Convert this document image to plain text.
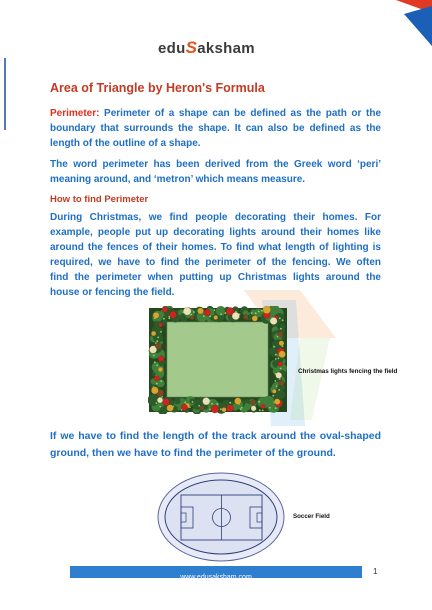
eduSaksham
Area of Triangle by Heron's Formula
Perimeter: Perimeter of a shape can be defined as the path or the
boundary that surrounds the shape. It can also be defined as the
length of the outline of a shape.
The word perimeter has been derived from the Greek word ‘peri’
meaning around, and ‘metron’ which means measure.
How to find Perimeter
During Christmas, we find people decorating their homes. For
example, people put up decorating lights around their homes like
around the fences of their homes. To find what length of lighting is
required, we have to find the perimeter of the fencing. We often
find the perimeter when putting up Christmas lights around the
house or fencing the field.
Christmas lights fencing the field
If we have to find the length of the track around the oval-shaped
ground, then we have to find the perimeter of the ground.
Soccer Field
www.edusaksham.com
1
